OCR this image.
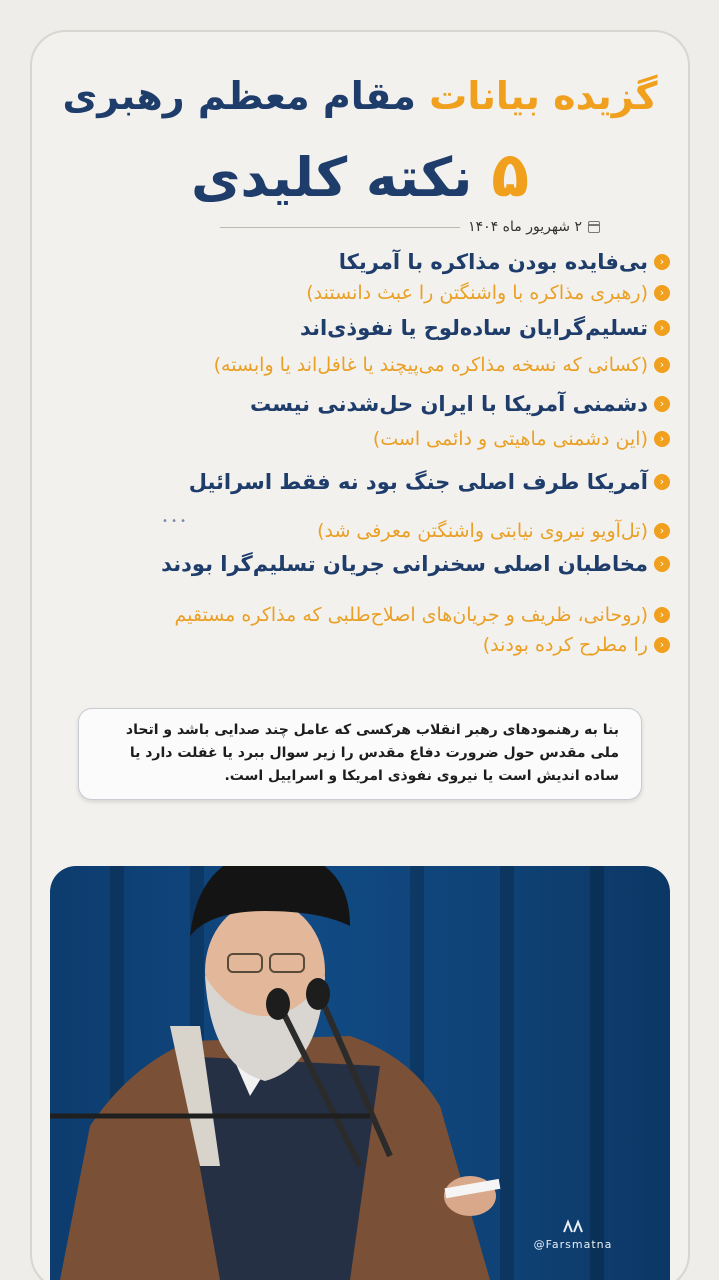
گزیده بیانات مقام معظم رهبری
۵ نکته کلیدی
۲ شهریور ماه ۱۴۰۴
‹
بی‌فایده بودن مذاکره با آمریکا
‹
(رهبری مذاکره با واشنگتن را عبث دانستند)
‹
تسلیم‌گرایان ساده‌لوح یا نفوذی‌اند
‹
(کسانی که نسخه مذاکره می‌پیچند یا غافل‌اند یا وابسته)
‹
دشمنی آمریکا با ایران حل‌شدنی نیست
‹
(این دشمنی ماهیتی و دائمی است)
‹
آمریکا طرف اصلی جنگ بود نه فقط اسرائیل
‹
(تل‌آویو نیروی نیابتی واشنگتن معرفی شد)
‹
مخاطبان اصلی سخنرانی جریان تسلیم‌گرا بودند
‹
(روحانی، ظریف و جریان‌های اصلاح‌طلبی که مذاکره مستقیم
‹
را مطرح کرده بودند)
• • •
بنا به رهنمودهای رهبر انقلاب هرکسی که عامل چند صدایی باشد و اتحاد ملی مقدس حول ضرورت دفاع مقدس را زیر سوال ببرد یا غفلت دارد یا ساده اندیش است یا نیروی نفوذی امریکا و اسراییل است.
@Farsmatna
